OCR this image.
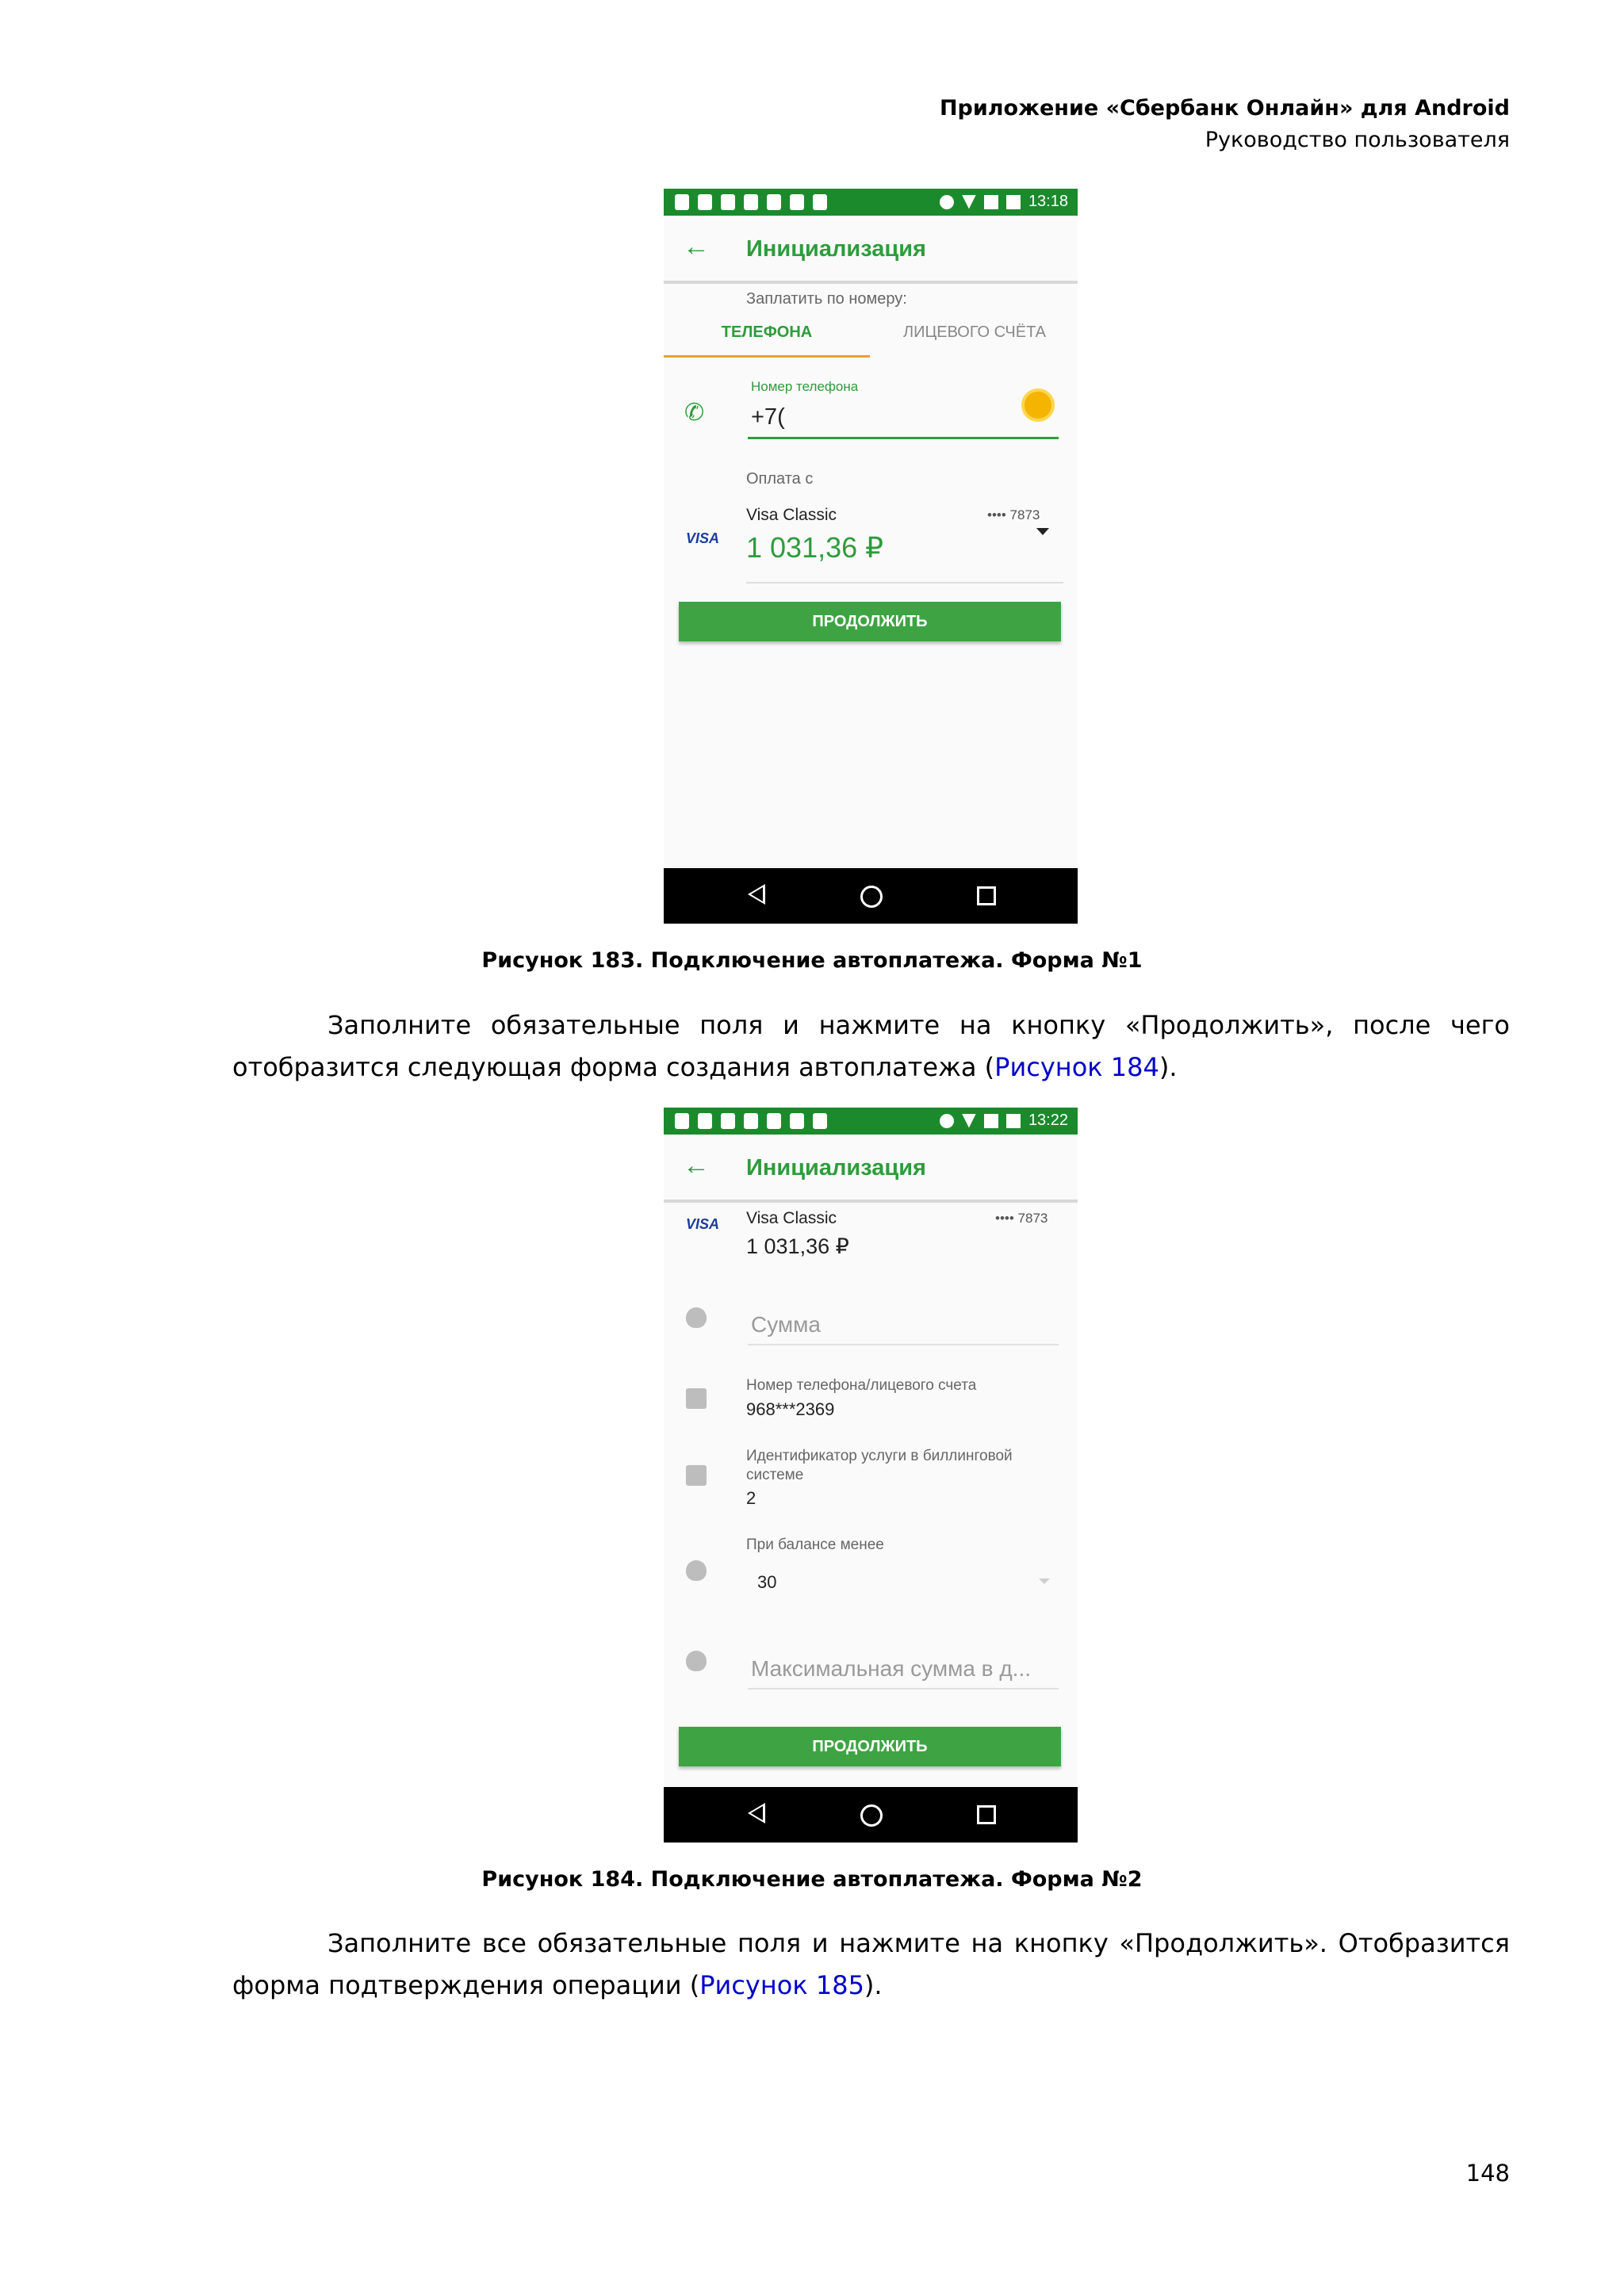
Приложение «Сбербанк Онлайн» для Android
Руководство пользователя
13:18
← Инициализация
Заплатить по номеру:
ТЕЛЕФОНА	ЛИЦЕВОГО СЧЁТА
Номер телефона
✆ +7(
Оплата с
Visa Classic	•••• 7873
VISA 1 031,36 ₽
ПРОДОЛЖИТЬ
Рисунок 183. Подключение автоплатежа. Форма №1
Заполните обязательные поля и нажмите на кнопку «Продолжить», после чего отобразится следующая форма создания автоплатежа (Рисунок 184).
13:22
← Инициализация
VISA Visa Classic	•••• 7873
1 031,36 ₽
Сумма
Номер телефона/лицевого счета
968***2369
Идентификатор услуги в биллинговой системе
2
При балансе менее
30
Максимальная сумма в д...
ПРОДОЛЖИТЬ
Рисунок 184. Подключение автоплатежа. Форма №2
Заполните все обязательные поля и нажмите на кнопку «Продолжить». Отобразится форма подтверждения операции (Рисунок 185).
148
